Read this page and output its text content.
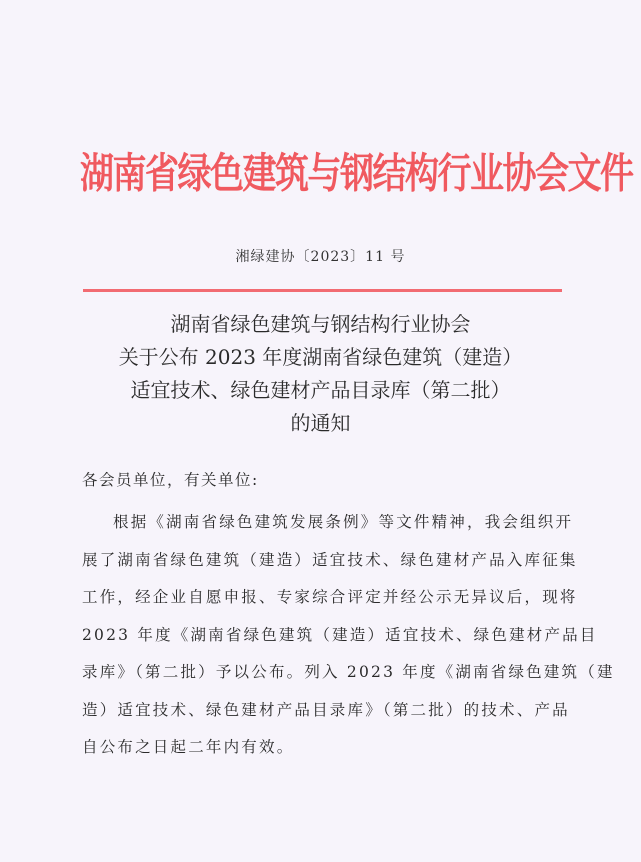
湖南省绿色建筑与钢结构行业协会文件
湘绿建协〔2023〕11 号
湖南省绿色建筑与钢结构行业协会
关于公布 2023 年度湖南省绿色建筑（建造）
适宜技术、绿色建材产品目录库（第二批）
的通知
各会员单位，有关单位:
根据《湖南省绿色建筑发展条例》等文件精神，我会组织开
展了湖南省绿色建筑（建造）适宜技术、绿色建材产品入库征集
工作，经企业自愿申报、专家综合评定并经公示无异议后，现将
2023 年度《湖南省绿色建筑（建造）适宜技术、绿色建材产品目
录库》（第二批）予以公布。列入 2023 年度《湖南省绿色建筑（建
造）适宜技术、绿色建材产品目录库》（第二批）的技术、产品
自公布之日起二年内有效。
